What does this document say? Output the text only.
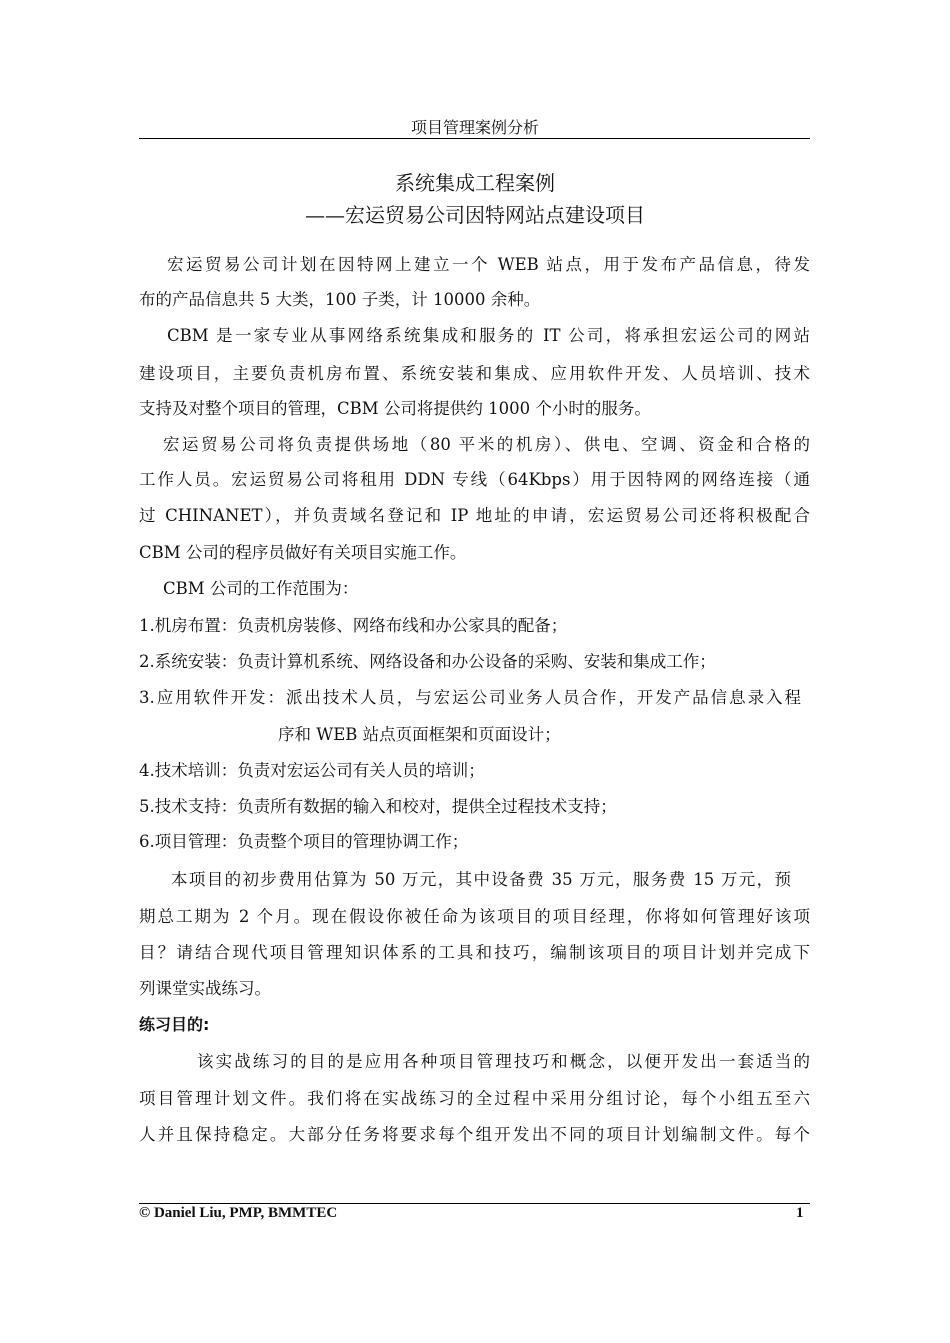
项目管理案例分析
系统集成工程案例
——宏运贸易公司因特网站点建设项目
宏运贸易公司计划在因特网上建立一个 WEB 站点，用于发布产品信息，待发
布的产品信息共 5 大类，100 子类，计 10000 余种。
CBM 是一家专业从事网络系统集成和服务的 IT 公司，将承担宏运公司的网站
建设项目，主要负责机房布置、系统安装和集成、应用软件开发、人员培训、技术
支持及对整个项目的管理，CBM 公司将提供约 1000 个小时的服务。
宏运贸易公司将负责提供场地（80 平米的机房）、供电、空调、资金和合格的
工作人员。宏运贸易公司将租用 DDN 专线（64Kbps）用于因特网的网络连接（通
过 CHINANET），并负责域名登记和 IP 地址的申请，宏运贸易公司还将积极配合
CBM 公司的程序员做好有关项目实施工作。
CBM 公司的工作范围为：
1.机房布置：负责机房装修、网络布线和办公家具的配备；
2.系统安装：负责计算机系统、网络设备和办公设备的采购、安装和集成工作；
3.应用软件开发：派出技术人员，与宏运公司业务人员合作，开发产品信息录入程
序和 WEB 站点页面框架和页面设计；
4.技术培训：负责对宏运公司有关人员的培训；
5.技术支持：负责所有数据的输入和校对，提供全过程技术支持；
6.项目管理：负责整个项目的管理协调工作；
本项目的初步费用估算为 50 万元，其中设备费 35 万元，服务费 15 万元，预
期总工期为 2 个月。现在假设你被任命为该项目的项目经理，你将如何管理好该项
目？请结合现代项目管理知识体系的工具和技巧，编制该项目的项目计划并完成下
列课堂实战练习。
练习目的:
该实战练习的目的是应用各种项目管理技巧和概念，以便开发出一套适当的
项目管理计划文件。我们将在实战练习的全过程中采用分组讨论，每个小组五至六
人并且保持稳定。大部分任务将要求每个组开发出不同的项目计划编制文件。每个
© Daniel Liu, PMP, BMMTEC	1
